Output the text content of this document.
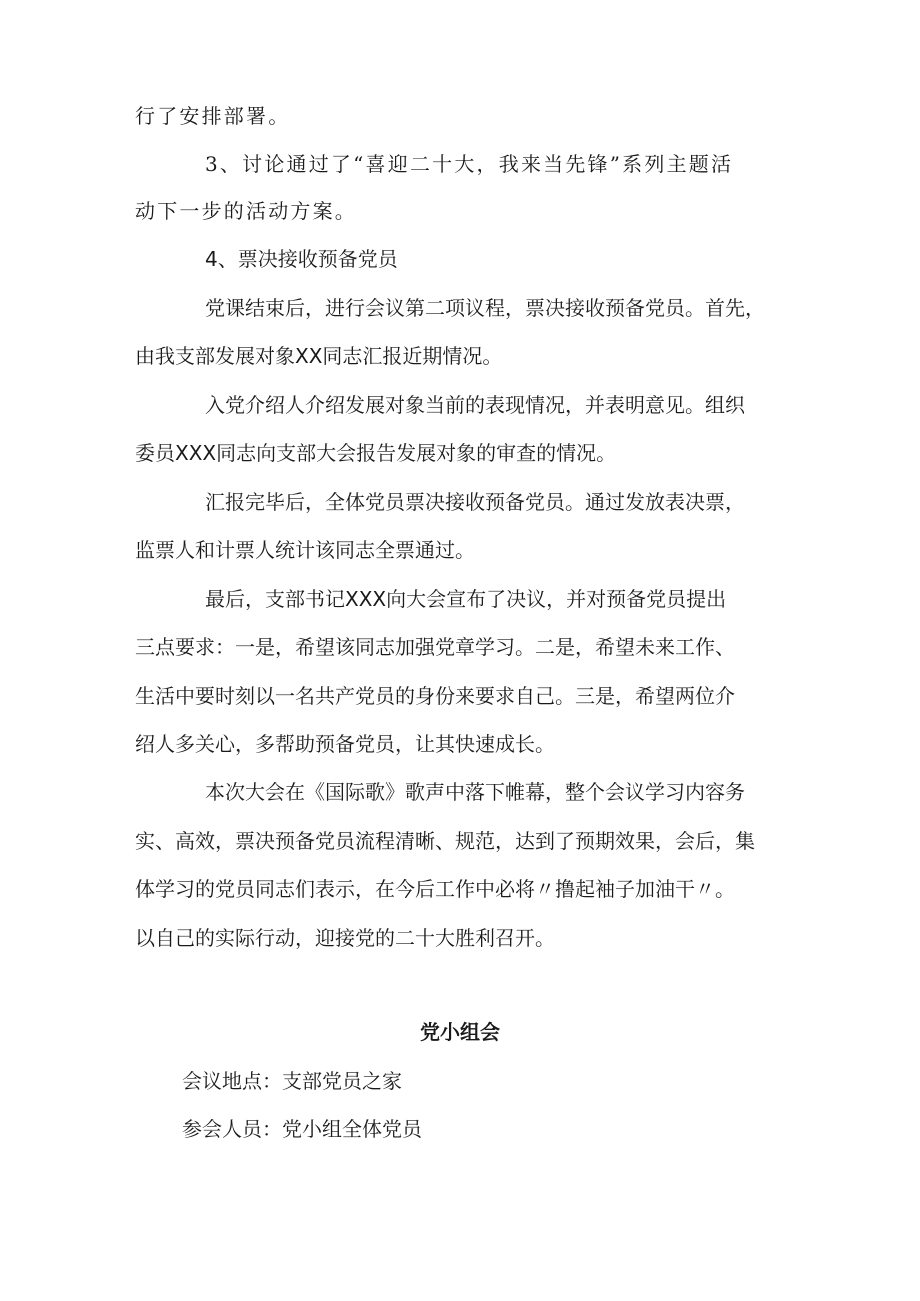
行了安排部署。
3、讨论通过了“喜迎二十大，我来当先锋”系列主题活
动下一步的活动方案。
4、票决接收预备党员
党课结束后，进行会议第二项议程，票决接收预备党员。首先，
由我支部发展对象XX同志汇报近期情况。
入党介绍人介绍发展对象当前的表现情况，并表明意见。组织
委员XXX同志向支部大会报告发展对象的审查的情况。
汇报完毕后，全体党员票决接收预备党员。通过发放表决票，
监票人和计票人统计该同志全票通过。
最后，支部书记XXX向大会宣布了决议，并对预备党员提出
三点要求：一是，希望该同志加强党章学习。二是，希望未来工作、
生活中要时刻以一名共产党员的身份来要求自己。三是，希望两位介
绍人多关心，多帮助预备党员，让其快速成长。
本次大会在《国际歌》歌声中落下帷幕，整个会议学习内容务
实、高效，票决预备党员流程清晰、规范，达到了预期效果，会后，集
体学习的党员同志们表示，在今后工作中必将〃撸起袖子加油干〃。
以自己的实际行动，迎接党的二十大胜利召开。
党小组会
会议地点：支部党员之家
参会人员：党小组全体党员
